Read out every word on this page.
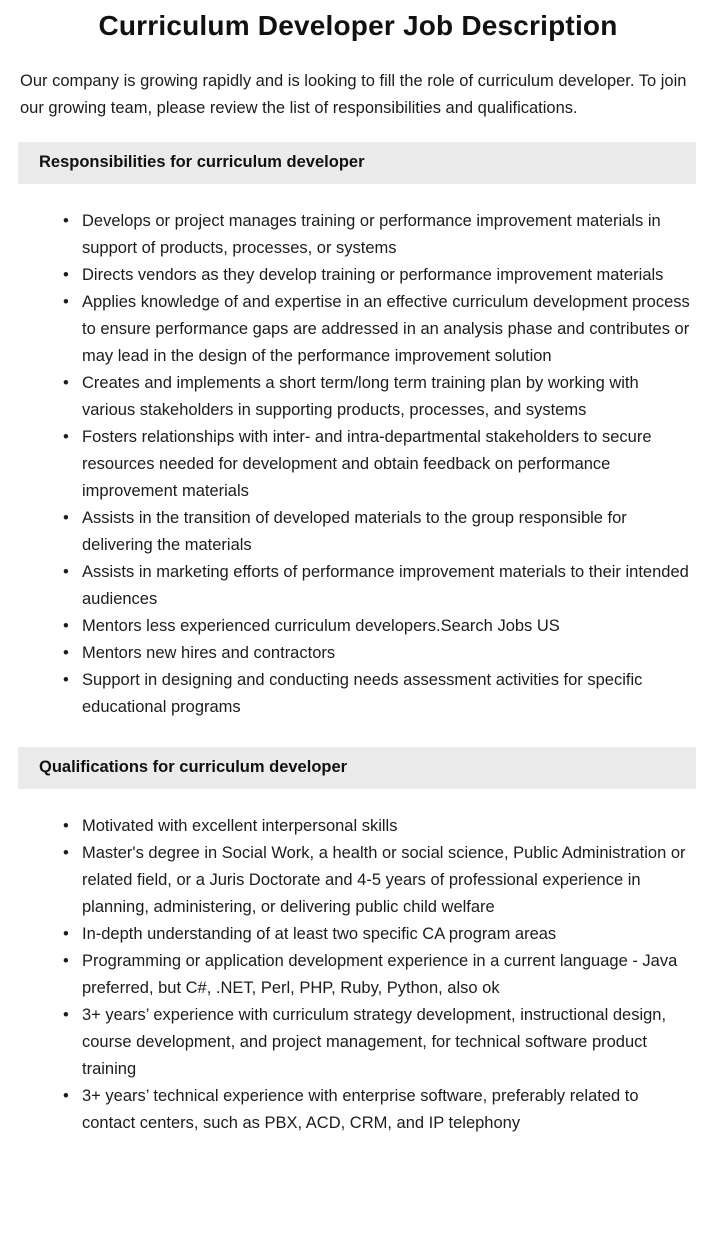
Curriculum Developer Job Description

Our company is growing rapidly and is looking to fill the role of curriculum developer. To join our growing team, please review the list of responsibilities and qualifications.

Responsibilities for curriculum developer
• Develops or project manages training or performance improvement materials in support of products, processes, or systems
• Directs vendors as they develop training or performance improvement materials
• Applies knowledge of and expertise in an effective curriculum development process to ensure performance gaps are addressed in an analysis phase and contributes or may lead in the design of the performance improvement solution
• Creates and implements a short term/long term training plan by working with various stakeholders in supporting products, processes, and systems
• Fosters relationships with inter- and intra-departmental stakeholders to secure resources needed for development and obtain feedback on performance improvement materials
• Assists in the transition of developed materials to the group responsible for delivering the materials
• Assists in marketing efforts of performance improvement materials to their intended audiences
• Mentors less experienced curriculum developers.Search Jobs US
• Mentors new hires and contractors
• Support in designing and conducting needs assessment activities for specific educational programs
Qualifications for curriculum developer
• Motivated with excellent interpersonal skills
• Master's degree in Social Work, a health or social science, Public Administration or related field, or a Juris Doctorate and 4-5 years of professional experience in planning, administering, or delivering public child welfare
• In-depth understanding of at least two specific CA program areas
• Programming or application development experience in a current language - Java preferred, but C#, .NET, Perl, PHP, Ruby, Python, also ok
• 3+ years’ experience with curriculum strategy development, instructional design, course development, and project management, for technical software product training
• 3+ years’ technical experience with enterprise software, preferably related to contact centers, such as PBX, ACD, CRM, and IP telephony
